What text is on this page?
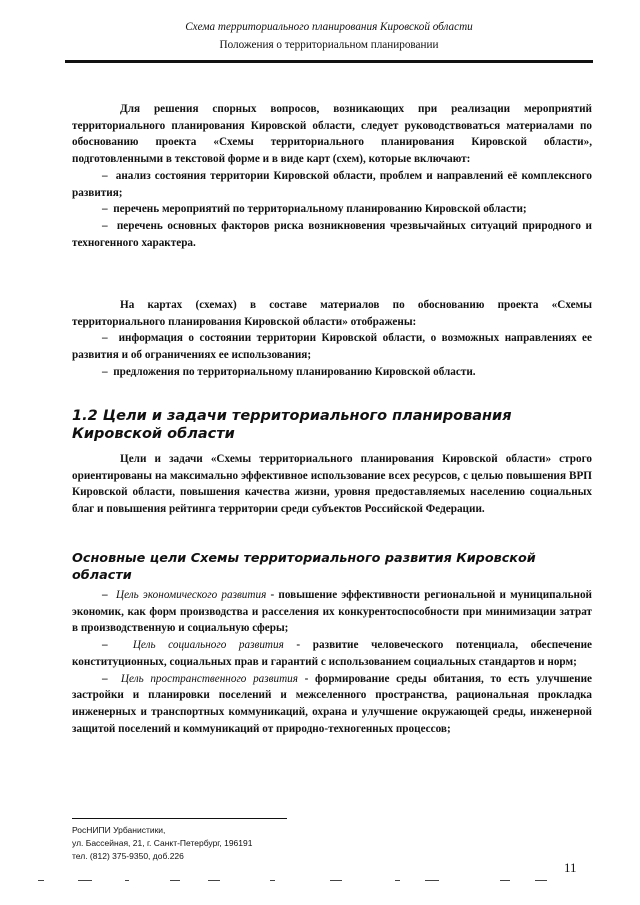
Схема территориального планирования Кировской области
Положения о территориальном планировании

Для решения спорных вопросов, возникающих при реализации мероприятий территориального планирования Кировской области, следует руководствоваться материалами по обоснованию проекта «Схемы территориального планирования Кировской области», подготовленными в текстовой форме и в виде карт (схем), которые включают:

– анализ состояния территории Кировской области, проблем и направлений её комплексного развития;

– перечень мероприятий по территориальному планированию Кировской области;

– перечень основных факторов риска возникновения чрезвычайных ситуаций природного и техногенного характера.

На картах (схемах) в составе материалов по обоснованию проекта «Схемы территориального планирования Кировской области» отображены:

– информация о состоянии территории Кировской области, о возможных направлениях ее развития и об ограничениях ее использования;

– предложения по территориальному планированию Кировской области.

1.2 Цели и задачи территориального планирования Кировской области

Цели и задачи «Схемы территориального планирования Кировской области» строго ориентированы на максимально эффективное использование всех ресурсов, с целью повышения ВРП Кировской области, повышения качества жизни, уровня предоставляемых населению социальных благ и повышения рейтинга территории среди субъектов Российской Федерации.

Основные цели Схемы территориального развития Кировской области

– Цель экономического развития - повышение эффективности региональной и муниципальной экономик, как форм производства и расселения их конкурентоспособности при минимизации затрат в производственную и социальную сферы;

– Цель социального развития - развитие человеческого потенциала, обеспечение конституционных, социальных прав и гарантий с использованием социальных стандартов и норм;

– Цель пространственного развития - формирование среды обитания, то есть улучшение застройки и планировки поселений и межселенного пространства, рациональная прокладка инженерных и транспортных коммуникаций, охрана и улучшение окружающей среды, инженерной защитой поселений и коммуникаций от природно-техногенных процессов;

РосНИПИ Урбанистики,
ул. Бассейная, 21, г. Санкт-Петербург, 196191
тел. (812) 375-9350, доб.226
11
